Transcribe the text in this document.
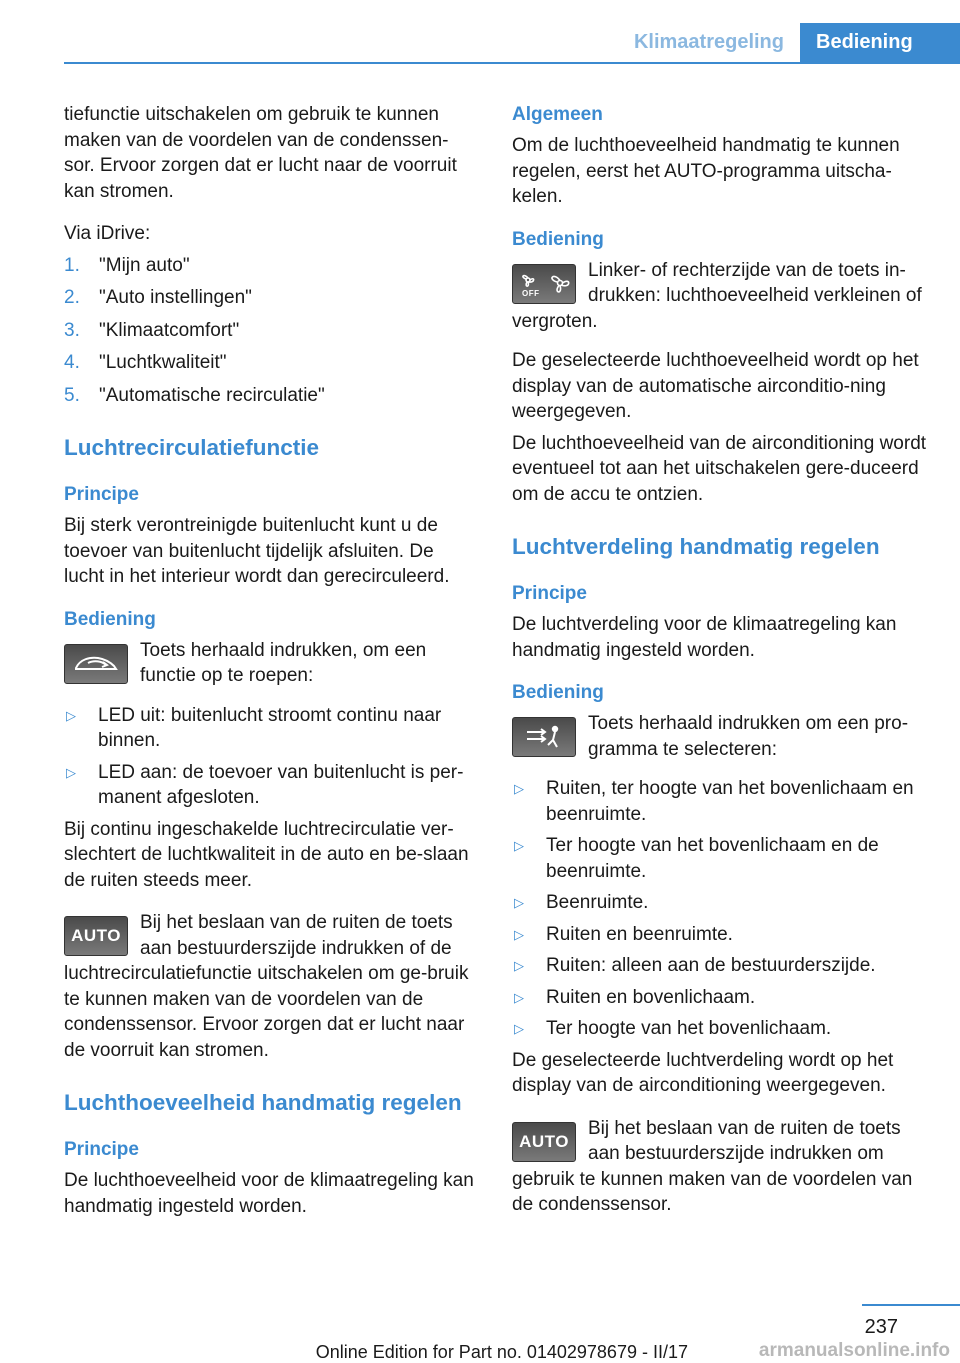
Klimaatregeling	Bediening

tiefunctie uitschakelen om gebruik te kunnen maken van de voordelen van de condenssen‐sor. Ervoor zorgen dat er lucht naar de voorruit kan stromen.

Via iDrive:

1. "Mijn auto"
2. "Auto instellingen"
3. "Klimaatcomfort"
4. "Luchtkwaliteit"
5. "Automatische recirculatie"
Luchtrecirculatiefunctie
Principe

Bij sterk verontreinigde buitenlucht kunt u de toevoer van buitenlucht tijdelijk afsluiten. De lucht in het interieur wordt dan gerecirculeerd.

Bediening
Toets herhaald indrukken, om een functie op te roepen:
▷ LED uit: buitenlucht stroomt continu naar binnen.
▷ LED aan: de toevoer van buitenlucht is per‐manent afgesloten.

Bij continu ingeschakelde luchtrecirculatie ver‐slechtert de luchtkwaliteit in de auto en be‐slaan de ruiten steeds meer.

AUTO
Bij het beslaan van de ruiten de toets aan bestuurderszijde indrukken of de luchtrecirculatiefunctie uitschakelen om ge‐bruik te kunnen maken van de voordelen van de condenssensor. Ervoor zorgen dat er lucht naar de voorruit kan stromen.
Luchthoeveelheid handmatig regelen
Principe

De luchthoeveelheid voor de klimaatregeling kan handmatig ingesteld worden.

Algemeen

Om de luchthoeveelheid handmatig te kunnen regelen, eerst het AUTO-programma uitscha‐kelen.

Bediening
OFF
Linker- of rechterzijde van de toets in‐drukken: luchthoeveelheid verkleinen of vergroten.

De geselecteerde luchthoeveelheid wordt op het display van de automatische airconditio‐ning weergegeven.

De luchthoeveelheid van de airconditioning wordt eventueel tot aan het uitschakelen gere‐duceerd om de accu te ontzien.

Luchtverdeling handmatig regelen
Principe

De luchtverdeling voor de klimaatregeling kan handmatig ingesteld worden.

Bediening
Toets herhaald indrukken om een pro‐gramma te selecteren:
▷ Ruiten, ter hoogte van het bovenlichaam en beenruimte.
▷ Ter hoogte van het bovenlichaam en de beenruimte.
▷ Beenruimte.
▷ Ruiten en beenruimte.
▷ Ruiten: alleen aan de bestuurderszijde.
▷ Ruiten en bovenlichaam.
▷ Ter hoogte van het bovenlichaam.

De geselecteerde luchtverdeling wordt op het display van de airconditioning weergegeven.

AUTO
Bij het beslaan van de ruiten de toets aan bestuurderszijde indrukken om gebruik te kunnen maken van de voordelen van de condenssensor.
237
Online Edition for Part no. 01402978679 - II/17	armanualsonline.info
